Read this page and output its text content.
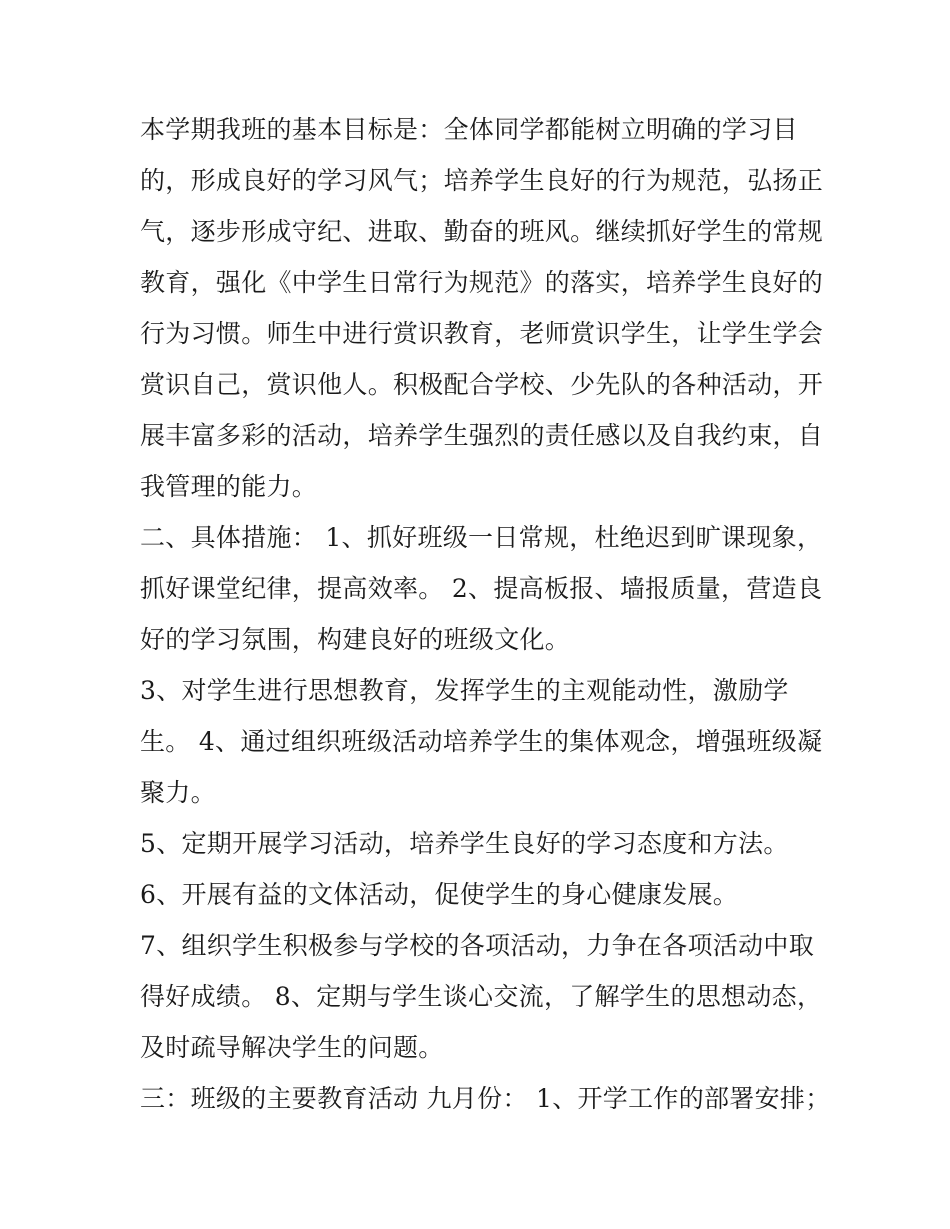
本学期我班的基本目标是：全体同学都能树立明确的学习目
的，形成良好的学习风气；培养学生良好的行为规范，弘扬正
气，逐步形成守纪、进取、勤奋的班风。继续抓好学生的常规
教育，强化《中学生日常行为规范》的落实，培养学生良好的
行为习惯。师生中进行赏识教育，老师赏识学生，让学生学会
赏识自己，赏识他人。积极配合学校、少先队的各种活动，开
展丰富多彩的活动，培养学生强烈的责任感以及自我约束，自
我管理的能力。
二、具体措施： 1、抓好班级一日常规，杜绝迟到旷课现象，
抓好课堂纪律，提高效率。 2、提高板报、墙报质量，营造良
好的学习氛围，构建良好的班级文化。
3、对学生进行思想教育，发挥学生的主观能动性，激励学
生。 4、通过组织班级活动培养学生的集体观念，增强班级凝
聚力。
5、定期开展学习活动，培养学生良好的学习态度和方法。
6、开展有益的文体活动，促使学生的身心健康发展。
7、组织学生积极参与学校的各项活动，力争在各项活动中取
得好成绩。 8、定期与学生谈心交流，了解学生的思想动态，
及时疏导解决学生的问题。
三：班级的主要教育活动 九月份： 1、开学工作的部署安排；
